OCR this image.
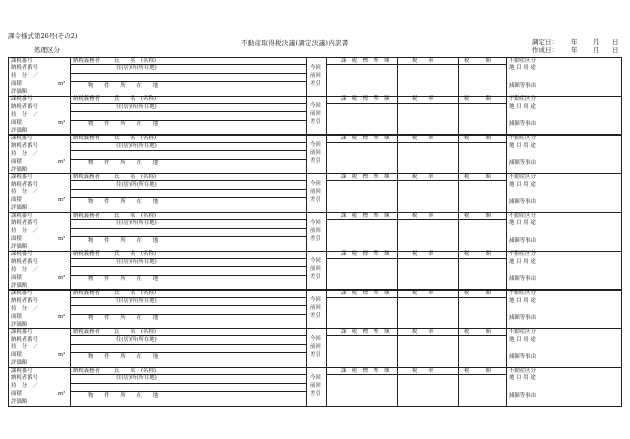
課令様式第26号(その2)
不動産取得税決議(調定決議)内訳書
処理区分
調定日： 年 月 日
作成日： 年 月 日
課税番号
納税者番号
持　分　／
面積	m²
評価額
納税義務者	氏　　名　(名称)
住(居)所(所在地)
物　　件　　所　　在　　地
今回
前回
差引
課　税　標　準　額	税　　率	税　　　額	不動産区分
地 目 用 途
減額等事由
課税番号
納税者番号
持　分　／
面積	m²
評価額
納税義務者	氏　　名　(名称)
住(居)所(所在地)
物　　件　　所　　在　　地
今回
前回
差引
課　税　標　準　額	税　　率	税　　　額	不動産区分
地 目 用 途
減額等事由
課税番号
納税者番号
持　分　／
面積	m²
評価額
納税義務者	氏　　名　(名称)
住(居)所(所在地)
物　　件　　所　　在　　地
今回
前回
差引
課　税　標　準　額	税　　率	税　　　額	不動産区分
地 目 用 途
減額等事由
課税番号
納税者番号
持　分　／
面積	m²
評価額
納税義務者	氏　　名　(名称)
住(居)所(所在地)
物　　件　　所　　在　　地
今回
前回
差引
課　税　標　準　額	税　　率	税　　　額	不動産区分
地 目 用 途
減額等事由
課税番号
納税者番号
持　分　／
面積	m²
評価額
納税義務者	氏　　名　(名称)
住(居)所(所在地)
物　　件　　所　　在　　地
今回
前回
差引
課　税　標　準　額	税　　率	税　　　額	不動産区分
地 目 用 途
減額等事由
課税番号
納税者番号
持　分　／
面積	m²
評価額
納税義務者	氏　　名　(名称)
住(居)所(所在地)
物　　件　　所　　在　　地
今回
前回
差引
課　税　標　準　額	税　　率	税　　　額	不動産区分
地 目 用 途
減額等事由
課税番号
納税者番号
持　分　／
面積	m²
評価額
納税義務者	氏　　名　(名称)
住(居)所(所在地)
物　　件　　所　　在　　地
今回
前回
差引
課　税　標　準　額	税　　率	税　　　額	不動産区分
地 目 用 途
減額等事由
課税番号
納税者番号
持　分　／
面積	m²
評価額
納税義務者	氏　　名　(名称)
住(居)所(所在地)
物　　件　　所　　在　　地
今回
前回
差引
課　税　標　準　額	税　　率	税　　　額	不動産区分
地 目 用 途
減額等事由
課税番号
納税者番号
持　分　／
面積	m²
評価額
納税義務者	氏　　名　(名称)
住(居)所(所在地)
物　　件　　所　　在　　地
今回
前回
差引
課　税　標　準　額	税　　率	税　　　額	不動産区分
地 目 用 途
減額等事由
